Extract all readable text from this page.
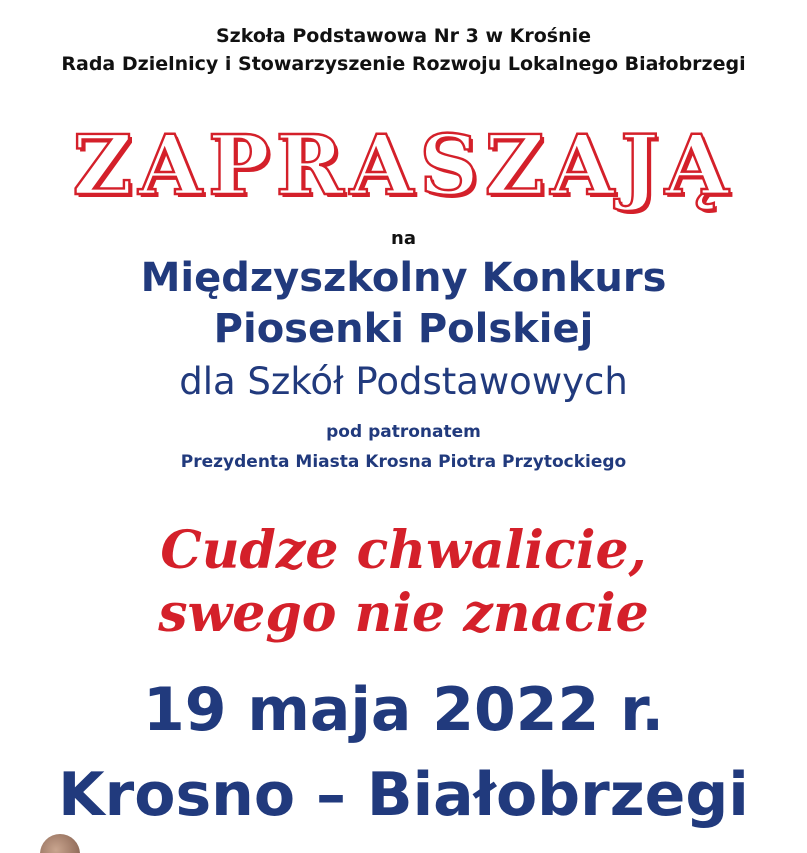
Szkoła Podstawowa Nr 3 w Krośnie

Rada Dzielnicy i Stowarzyszenie Rozwoju Lokalnego Białobrzegi

ZAPRASZAJĄ

na

Międzyszkolny Konkurs

Piosenki Polskiej

dla Szkół Podstawowych

pod patronatem

Prezydenta Miasta Krosna Piotra Przytockiego

Cudze chwalicie,

swego nie znacie

19 maja 2022 r.

Krosno – Białobrzegi
